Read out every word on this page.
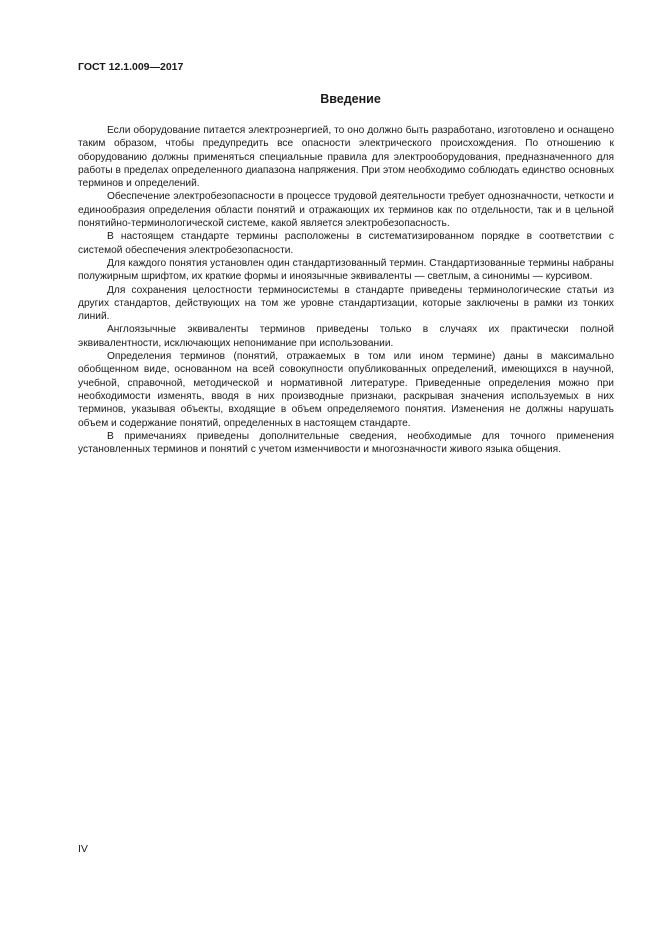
ГОСТ 12.1.009—2017
Введение

Если оборудование питается электроэнергией, то оно должно быть разработано, изготовлено и оснащено таким образом, чтобы предупредить все опасности электрического происхождения. По отношению к оборудованию должны применяться специальные правила для электрооборудования, предназначенного для работы в пределах определенного диапазона напряжения. При этом необходимо соблюдать единство основных терминов и определений.

Обеспечение электробезопасности в процессе трудовой деятельности требует однозначности, четкости и единообразия определения области понятий и отражающих их терминов как по отдельности, так и в цельной понятийно-терминологической системе, какой является электробезопасность.

В настоящем стандарте термины расположены в систематизированном порядке в соответствии с системой обеспечения электробезопасности.

Для каждого понятия установлен один стандартизованный термин. Стандартизованные термины набраны полужирным шрифтом, их краткие формы и иноязычные эквиваленты — светлым, а синонимы — курсивом.

Для сохранения целостности терминосистемы в стандарте приведены терминологические статьи из других стандартов, действующих на том же уровне стандартизации, которые заключены в рамки из тонких линий.

Англоязычные эквиваленты терминов приведены только в случаях их практически полной эквивалентности, исключающих непонимание при использовании.

Определения терминов (понятий, отражаемых в том или ином термине) даны в максимально обобщенном виде, основанном на всей совокупности опубликованных определений, имеющихся в научной, учебной, справочной, методической и нормативной литературе. Приведенные определения можно при необходимости изменять, вводя в них производные признаки, раскрывая значения используемых в них терминов, указывая объекты, входящие в объем определяемого понятия. Изменения не должны нарушать объем и содержание понятий, определенных в настоящем стандарте.

В примечаниях приведены дополнительные сведения, необходимые для точного применения установленных терминов и понятий с учетом изменчивости и многозначности живого языка общения.

IV
